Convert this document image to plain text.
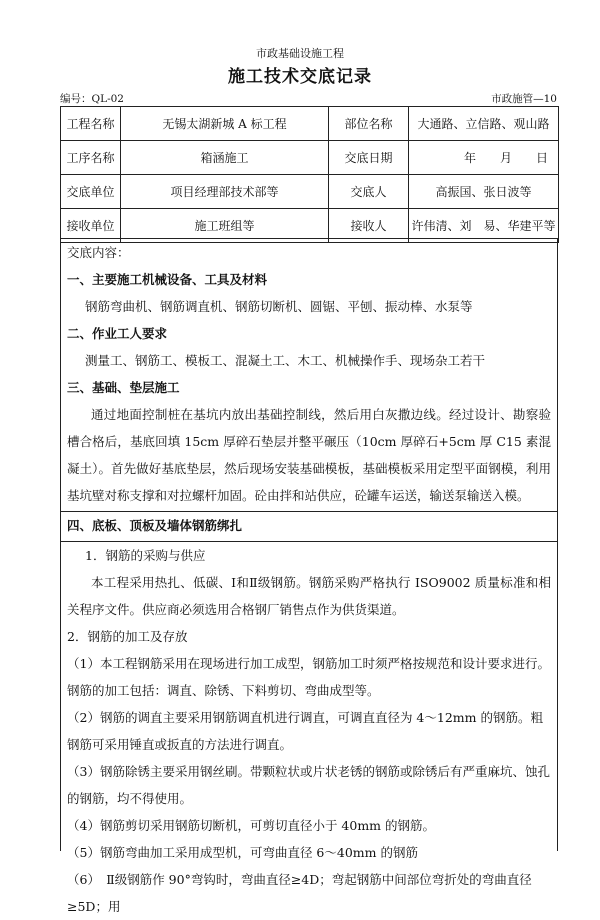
市政基础设施工程
施工技术交底记录
编号：QL-02	市政施管—10
工程名称	无锡太湖新城 A 标工程	部位名称	大通路、立信路、观山路
工序名称	箱涵施工	交底日期	年　　月　　日
交底单位	项目经理部技术部等	交底人	高振国、张日波等
接收单位	施工班组等	接收人	许伟清、刘　易、华建平等

交底内容：

一、主要施工机械设备、工具及材料

钢筋弯曲机、钢筋调直机、钢筋切断机、圆锯、平刨、振动棒、水泵等

二、作业工人要求

测量工、钢筋工、模板工、混凝土工、木工、机械操作手、现场杂工若干

三、基础、垫层施工

通过地面控制桩在基坑内放出基础控制线，然后用白灰撒边线。经过设计、勘察验槽合格后，基底回填 15cm 厚碎石垫层并整平碾压（10cm 厚碎石+5cm 厚 C15 素混凝土）。首先做好基底垫层，然后现场安装基础模板，基础模板采用定型平面钢模，利用基坑壁对称支撑和对拉螺杆加固。砼由拌和站供应，砼罐车运送，输送泵输送入模。

四、底板、顶板及墙体钢筋绑扎

1．钢筋的采购与供应

本工程采用热扎、低碳、Ⅰ和Ⅱ级钢筋。钢筋采购严格执行 ISO9002 质量标准和相关程序文件。供应商必须选用合格钢厂销售点作为供货渠道。

2．钢筋的加工及存放

（1）本工程钢筋采用在现场进行加工成型，钢筋加工时须严格按规范和设计要求进行。钢筋的加工包括：调直、除锈、下料剪切、弯曲成型等。

（2）钢筋的调直主要采用钢筋调直机进行调直，可调直直径为 4～12mm 的钢筋。粗钢筋可采用锤直或扳直的方法进行调直。

（3）钢筋除锈主要采用钢丝刷。带颗粒状或片状老锈的钢筋或除锈后有严重麻坑、蚀孔的钢筋，均不得使用。

（4）钢筋剪切采用钢筋切断机，可剪切直径小于 40mm 的钢筋。

（5）钢筋弯曲加工采用成型机，可弯曲直径 6～40mm 的钢筋

（6）　Ⅱ级钢筋作 90°弯钩时，弯曲直径≥4D；弯起钢筋中间部位弯折处的弯曲直径≥5D；用
